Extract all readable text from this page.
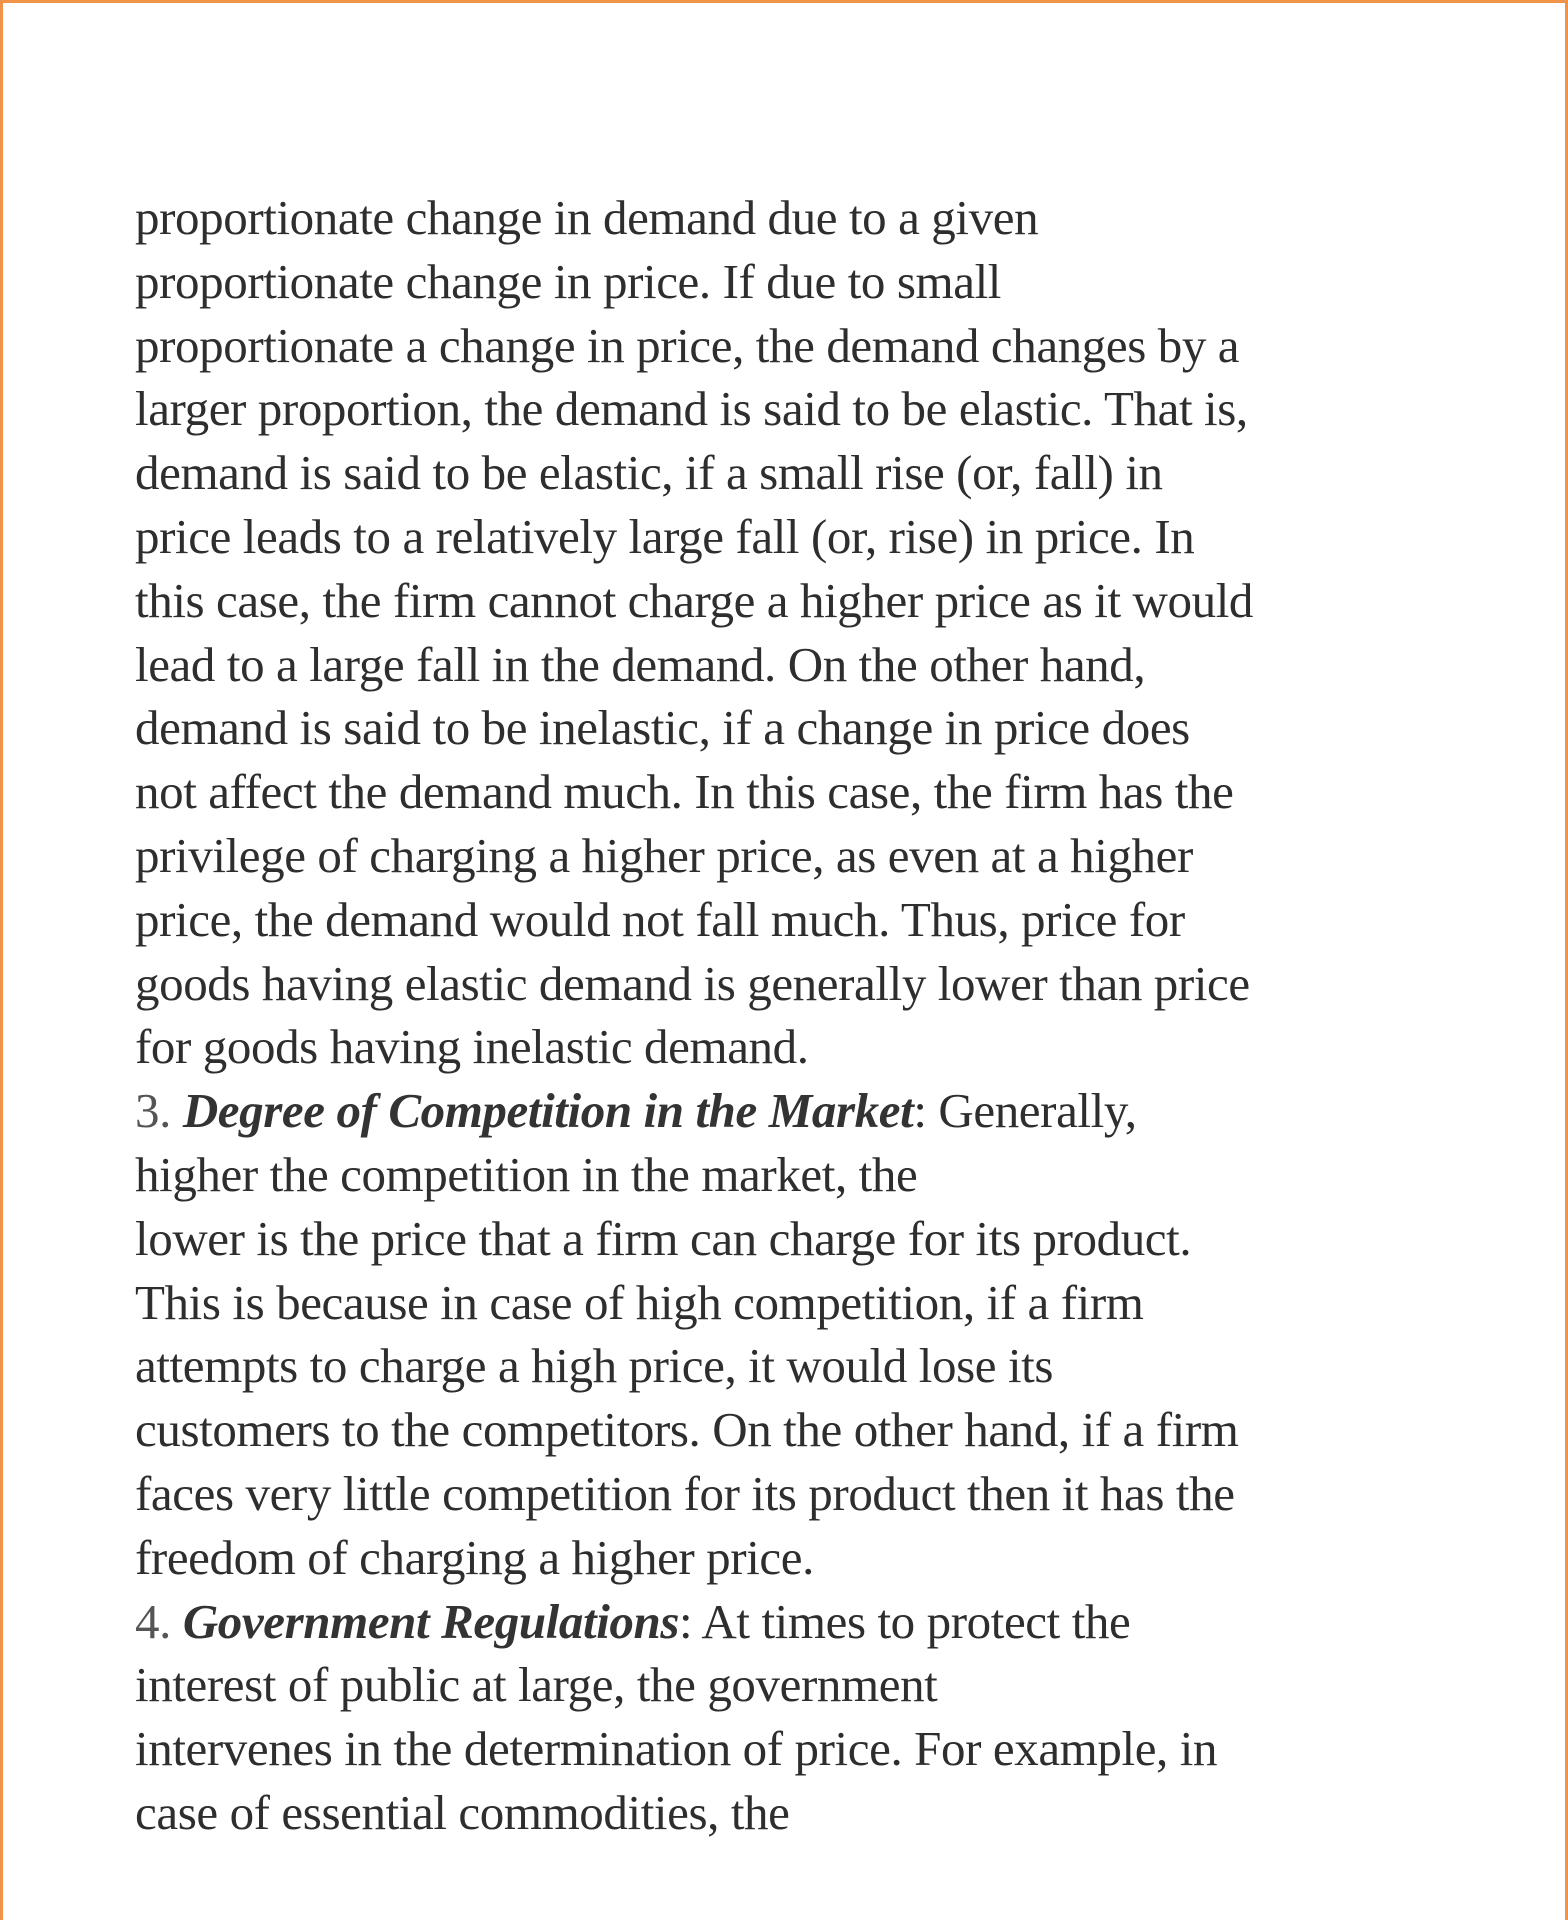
proportionate change in demand due to a given
proportionate change in price. If due to small
proportionate a change in price, the demand changes by a
larger proportion, the demand is said to be elastic. That is,
demand is said to be elastic, if a small rise (or, fall) in
price leads to a relatively large fall (or, rise) in price. In
this case, the firm cannot charge a higher price as it would
lead to a large fall in the demand. On the other hand,
demand is said to be inelastic, if a change in price does
not affect the demand much. In this case, the firm has the
privilege of charging a higher price, as even at a higher
price, the demand would not fall much. Thus, price for
goods having elastic demand is generally lower than price
for goods having inelastic demand.
3. Degree of Competition in the Market: Generally,
higher the competition in the market, the
lower is the price that a firm can charge for its product.
This is because in case of high competition, if a firm
attempts to charge a high price, it would lose its
customers to the competitors. On the other hand, if a firm
faces very little competition for its product then it has the
freedom of charging a higher price.
4. Government Regulations: At times to protect the
interest of public at large, the government
intervenes in the determination of price. For example, in
case of essential commodities, the
